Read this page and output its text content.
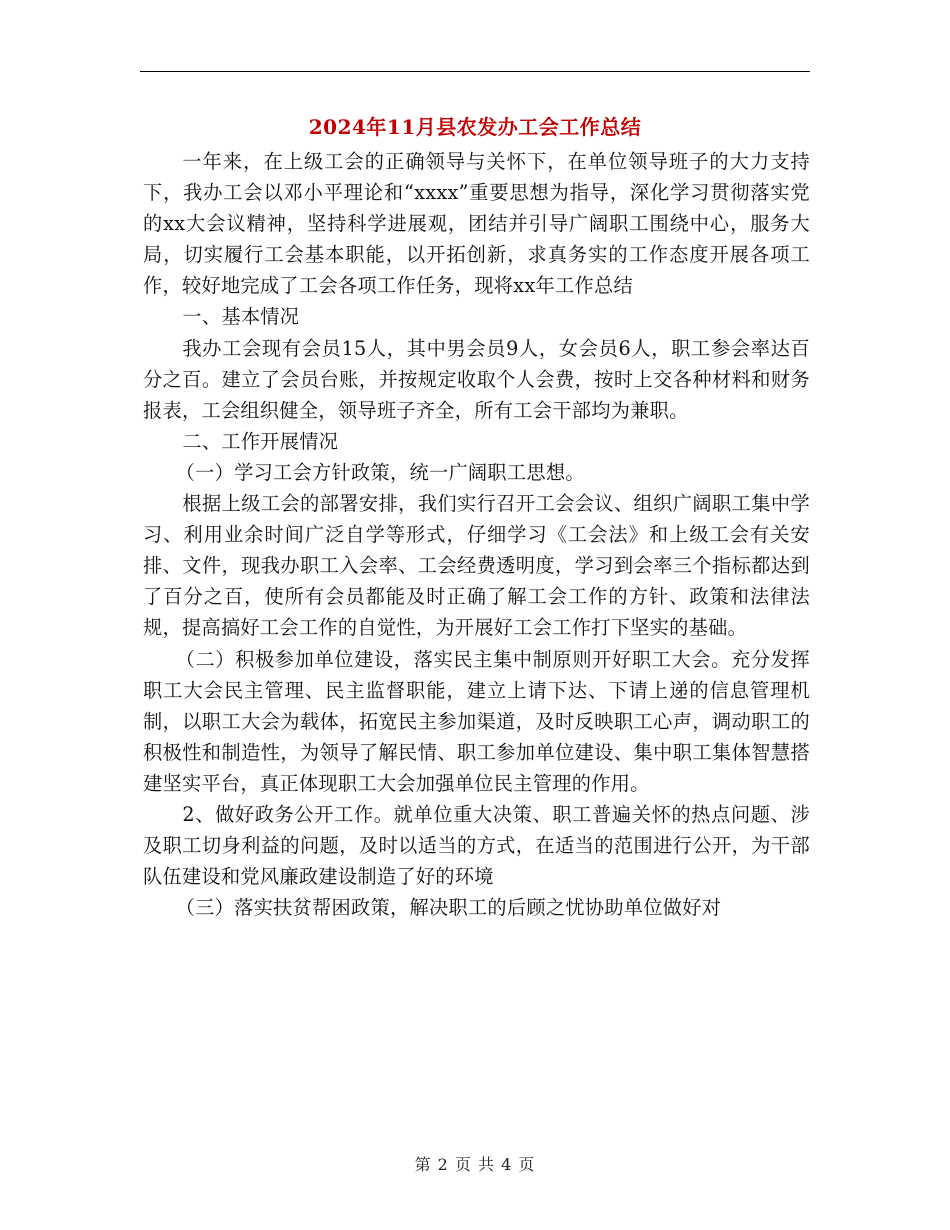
2024年11月县农发办工会工作总结

一年来，在上级工会的正确领导与关怀下，在单位领导班子的大力支持下，我办工会以邓小平理论和“xxxx”重要思想为指导，深化学习贯彻落实党的xx大会议精神，坚持科学进展观，团结并引导广阔职工围绕中心，服务大局，切实履行工会基本职能，以开拓创新，求真务实的工作态度开展各项工作，较好地完成了工会各项工作任务，现将xx年工作总结

一、基本情况

我办工会现有会员15人，其中男会员9人，女会员6人，职工参会率达百分之百。建立了会员台账，并按规定收取个人会费，按时上交各种材料和财务报表，工会组织健全，领导班子齐全，所有工会干部均为兼职。

二、工作开展情况

（一）学习工会方针政策，统一广阔职工思想。

根据上级工会的部署安排，我们实行召开工会会议、组织广阔职工集中学习、利用业余时间广泛自学等形式，仔细学习《工会法》和上级工会有关安排、文件，现我办职工入会率、工会经费透明度，学习到会率三个指标都达到了百分之百，使所有会员都能及时正确了解工会工作的方针、政策和法律法规，提高搞好工会工作的自觉性，为开展好工会工作打下坚实的基础。

（二）积极参加单位建设，落实民主集中制原则开好职工大会。充分发挥职工大会民主管理、民主监督职能，建立上请下达、下请上递的信息管理机制，以职工大会为载体，拓宽民主参加渠道，及时反映职工心声，调动职工的积极性和制造性，为领导了解民情、职工参加单位建设、集中职工集体智慧搭建坚实平台，真正体现职工大会加强单位民主管理的作用。

2、做好政务公开工作。就单位重大决策、职工普遍关怀的热点问题、涉及职工切身利益的问题，及时以适当的方式，在适当的范围进行公开，为干部队伍建设和党风廉政建设制造了好的环境

（三）落实扶贫帮困政策，解决职工的后顾之忧协助单位做好对

第 2 页 共 4 页
